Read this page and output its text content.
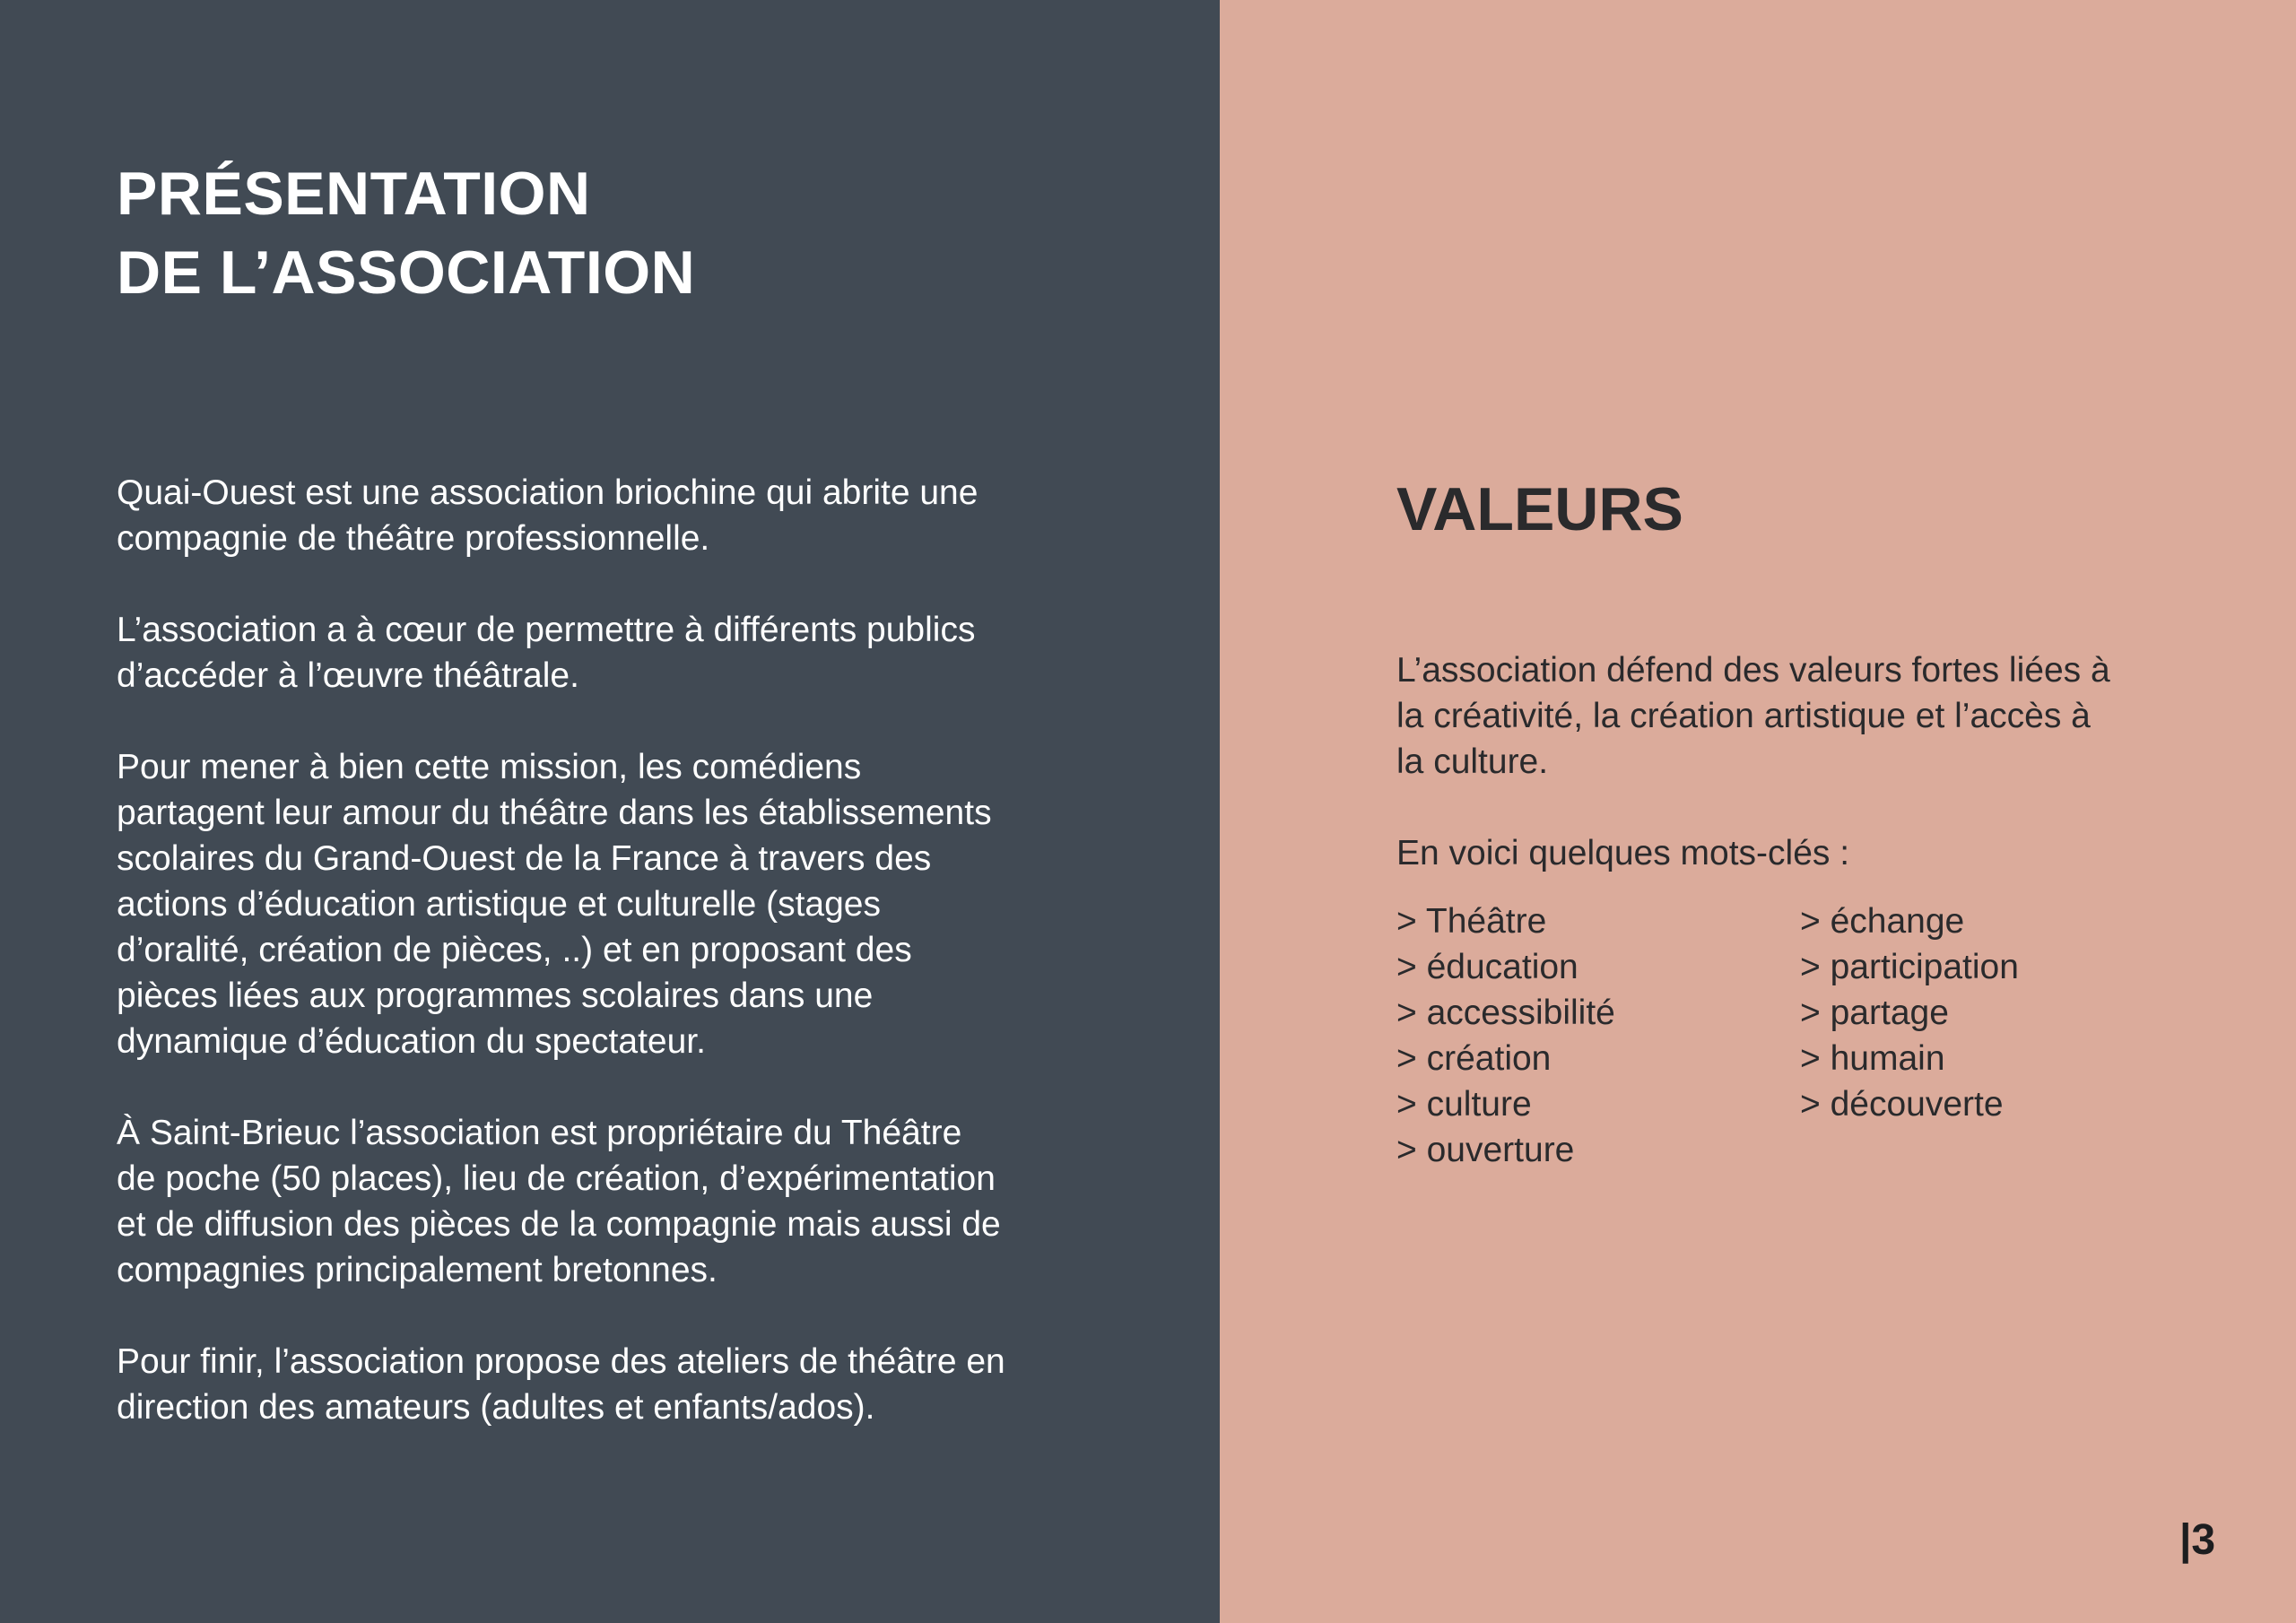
PRÉSENTATION
DE L’ASSOCIATION

Quai-Ouest est une association briochine qui abrite une
compagnie de théâtre professionnelle.

L’association a à cœur de permettre à différents publics
d’accéder à l’œuvre théâtrale.

Pour mener à bien cette mission, les comédiens
partagent leur amour du théâtre dans les établissements
scolaires du Grand-Ouest de la France à travers des
actions d’éducation artistique et culturelle (stages
d’oralité, création de pièces, ..) et en proposant des
pièces liées aux programmes scolaires dans une
dynamique d’éducation du spectateur.

À Saint-Brieuc l’association est propriétaire du Théâtre
de poche (50 places), lieu de création, d’expérimentation
et de diffusion des pièces de la compagnie mais aussi de
compagnies principalement bretonnes.

Pour finir, l’association propose des ateliers de théâtre en
direction des amateurs (adultes et enfants/ados).

VALEURS

L’association défend des valeurs fortes liées à
la créativité, la création artistique et l’accès à
la culture.

En voici quelques mots-clés :

> Théâtre
> éducation
> accessibilité
> création
> culture
> ouverture
> échange
> participation
> partage
> humain
> découverte
|3
